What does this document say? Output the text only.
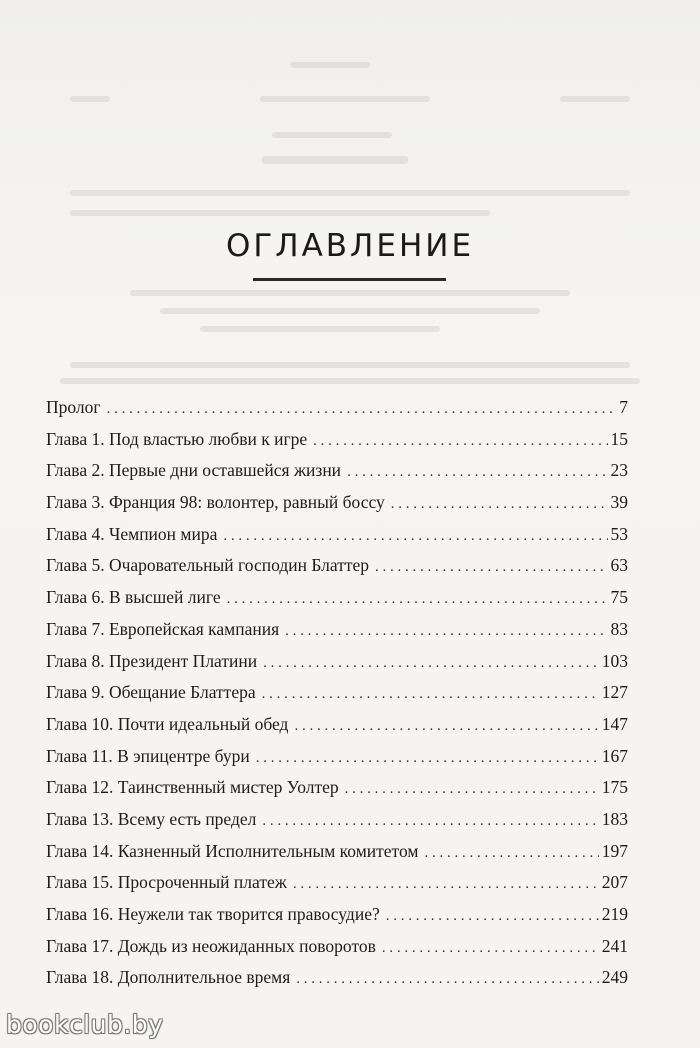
ОГЛАВЛЕНИЕ
Пролог . . .	7
Глава 1. Под властью любви к игре . . .	15
Глава 2. Первые дни оставшейся жизни . . .	23
Глава 3. Франция 98: волонтер, равный боссу . . .	39
Глава 4. Чемпион мира . . .	53
Глава 5. Очаровательный господин Блаттер . . .	63
Глава 6. В высшей лиге . . .	75
Глава 7. Европейская кампания . . .	83
Глава 8. Президент Платини . . .	103
Глава 9. Обещание Блаттера . . .	127
Глава 10. Почти идеальный обед . . .	147
Глава 11. В эпицентре бури . . .	167
Глава 12. Таинственный мистер Уолтер . . .	175
Глава 13. Всему есть предел . . .	183
Глава 14. Казненный Исполнительным комитетом . . .	197
Глава 15. Просроченный платеж . . .	207
Глава 16. Неужели так творится правосудие? . . .	219
Глава 17. Дождь из неожиданных поворотов . . .	241
Глава 18. Дополнительное время . . .	249
bookclub.by
